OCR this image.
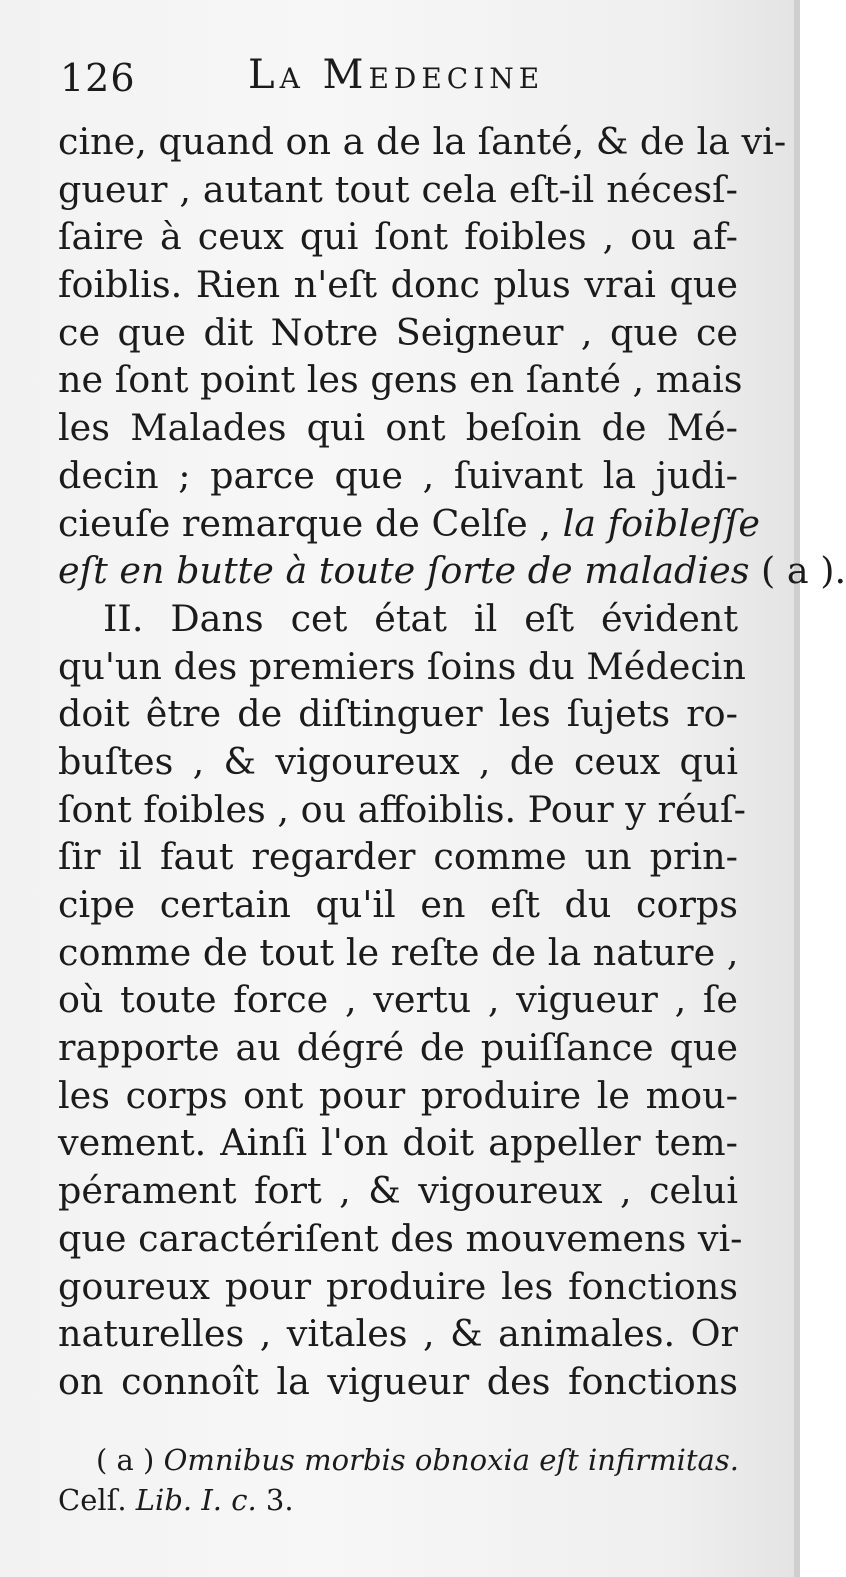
126	La Medecine
cine, quand on a de la ſanté, & de la vi-
gueur , autant tout cela eſt-il nécesſ-
ſaire à ceux qui ſont foibles , ou af-
foiblis. Rien n'eſt donc plus vrai que
ce que dit Notre Seigneur , que ce
ne ſont point les gens en ſanté , mais
les Malades qui ont beſoin de Mé-
decin ; parce que , ſuivant la judi-
cieuſe remarque de Celſe , la foibleſſe
eſt en butte à toute ſorte de maladies ( a ).
II. Dans cet état il eſt évident
qu'un des premiers ſoins du Médecin
doit être de diſtinguer les ſujets ro-
buſtes , & vigoureux , de ceux qui
ſont foibles , ou affoiblis. Pour y réuſ-
ſir il faut regarder comme un prin-
cipe certain qu'il en eſt du corps
comme de tout le reſte de la nature ,
où toute force , vertu , vigueur , ſe
rapporte au dégré de puiſſance que
les corps ont pour produire le mou-
vement. Ainſi l'on doit appeller tem-
pérament fort , & vigoureux , celui
que caractériſent des mouvemens vi-
goureux pour produire les fonctions
naturelles , vitales , & animales. Or
on connoît la vigueur des fonctions
( a ) Omnibus morbis obnoxia eſt infirmitas.
Celſ. Lib. I. c. 3.
